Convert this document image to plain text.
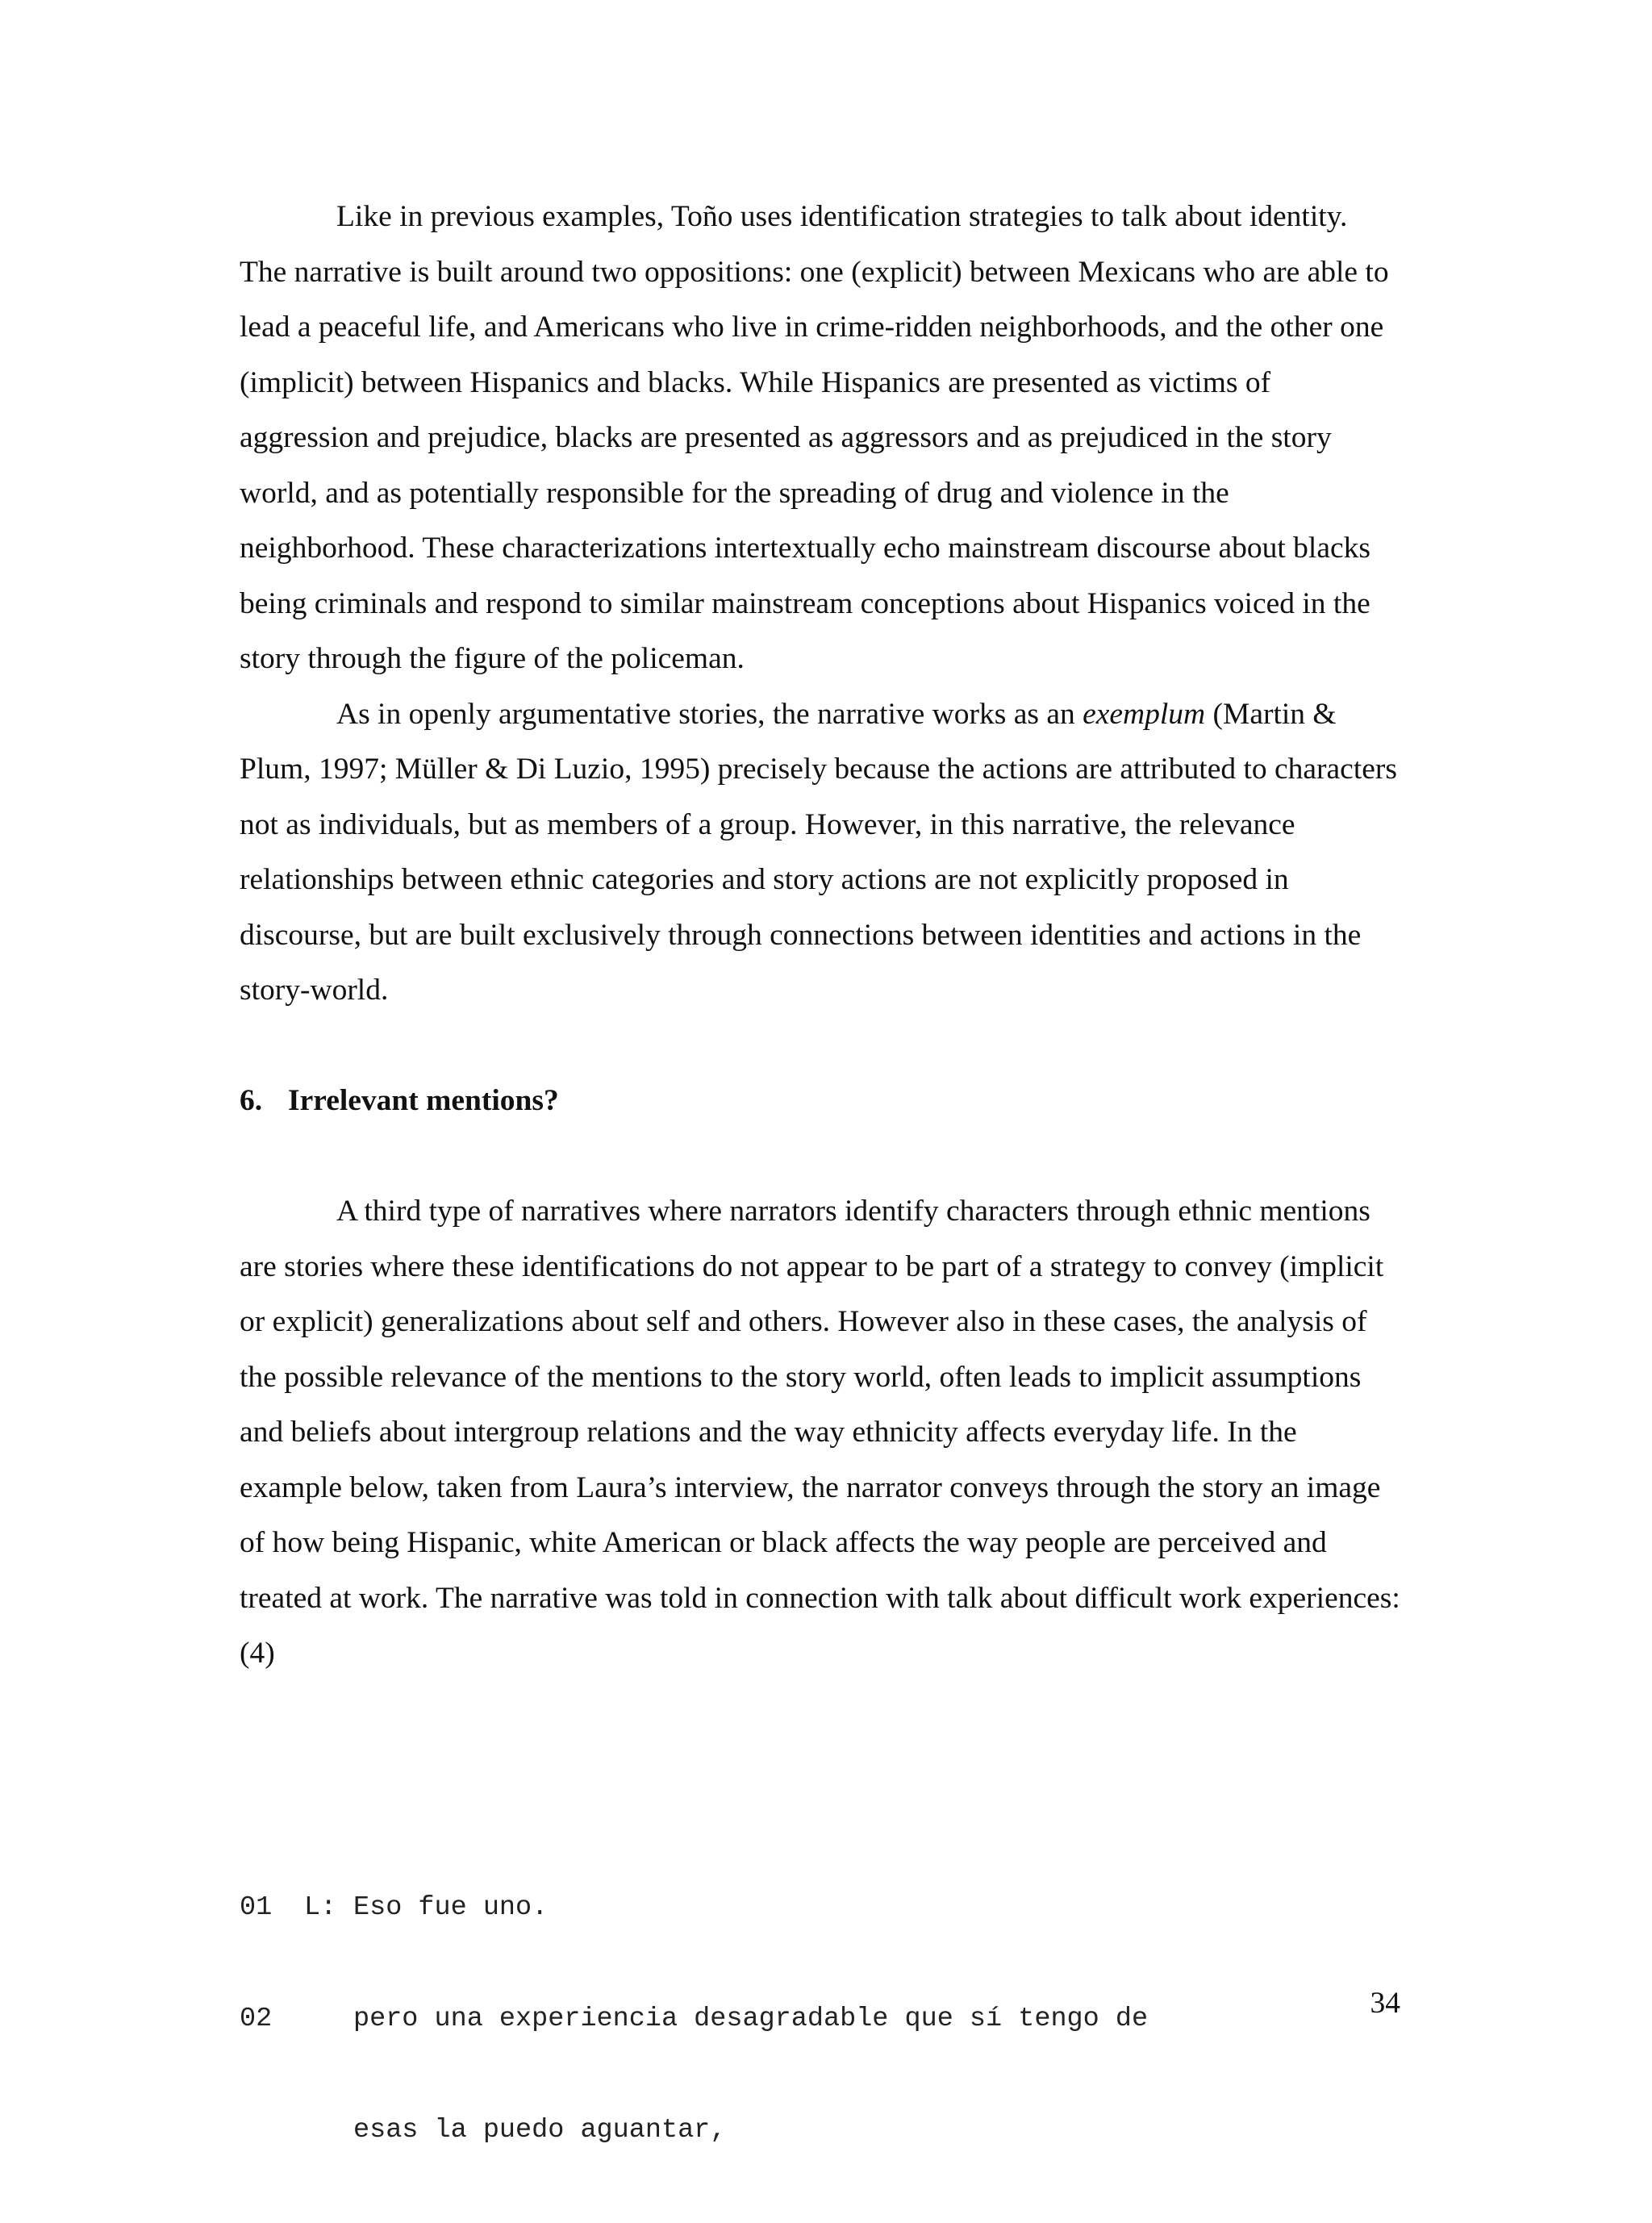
Like in previous examples, Toño uses identification strategies to talk about identity. The narrative is built around two oppositions: one (explicit) between Mexicans who are able to lead a peaceful life, and Americans who live in crime-ridden neighborhoods, and the other one (implicit) between Hispanics and blacks. While Hispanics are presented as victims of aggression and prejudice, blacks are presented as aggressors and as prejudiced in the story world, and as potentially responsible for the spreading of drug and violence in the neighborhood. These characterizations intertextually echo mainstream discourse about blacks being criminals and respond to similar mainstream conceptions about Hispanics voiced in the story through the figure of the policeman.

As in openly argumentative stories, the narrative works as an exemplum (Martin & Plum, 1997; Müller & Di Luzio, 1995) precisely because the actions are attributed to characters not as individuals, but as members of a group. However, in this narrative, the relevance relationships between ethnic categories and story actions are not explicitly proposed in discourse, but are built exclusively through connections between identities and actions in the story-world.

6. Irrelevant mentions?

A third type of narratives where narrators identify characters through ethnic mentions are stories where these identifications do not appear to be part of a strategy to convey (implicit or explicit) generalizations about self and others. However also in these cases, the analysis of the possible relevance of the mentions to the story world, often leads to implicit assumptions and beliefs about intergroup relations and the way ethnicity affects everyday life. In the example below, taken from Laura’s interview, the narrator conveys through the story an image of how being Hispanic, white American or black affects the way people are perceived and treated at work. The narrative was told in connection with talk about difficult work experiences:

(4)

01 L: Eso fue uno.

02	pero una experiencia desagradable que sí tengo de

esas la puedo aguantar,

34
